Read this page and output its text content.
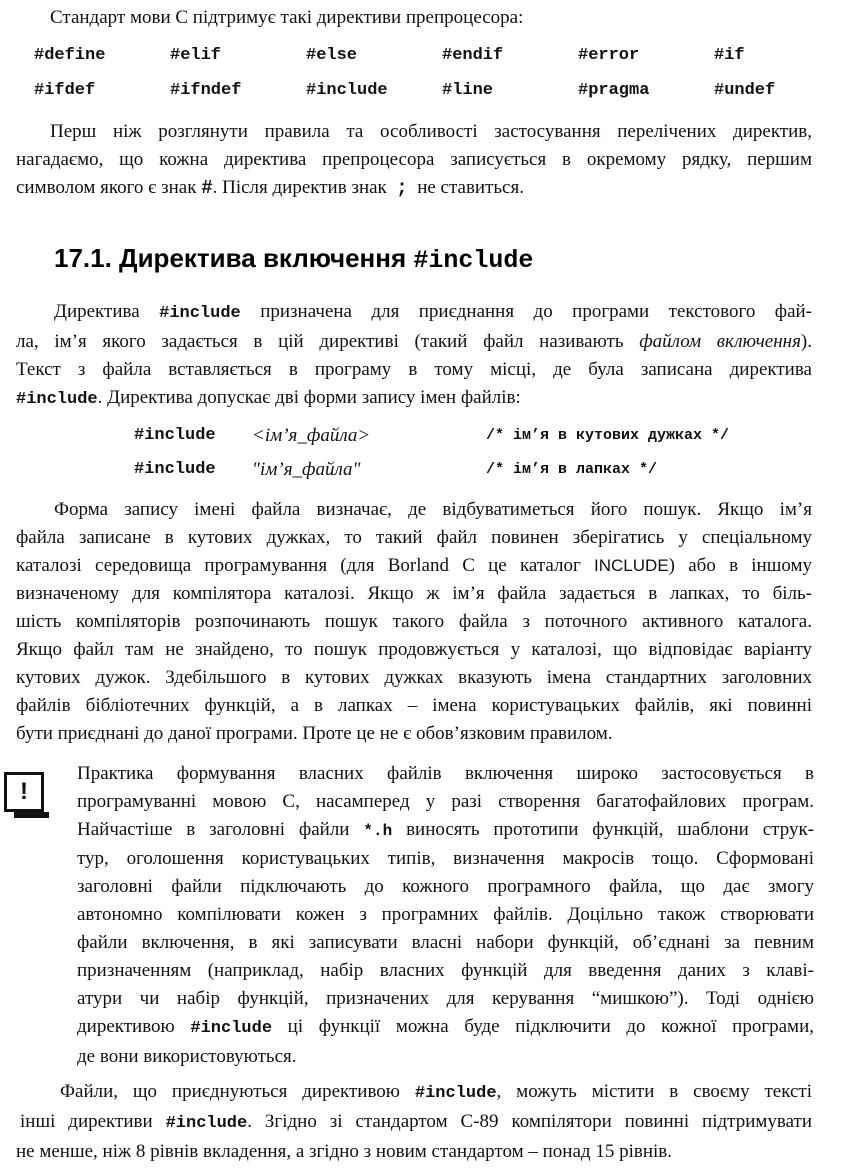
Стандарт мови С підтримує такі директиви препроцесора:
#define	#elif	#else	#endif	#error	#if
#ifdef	#ifndef	#include	#line	#pragma	#undef
Перш ніж розглянути правила та особливості застосування перелічених директив,
нагадаємо, що кожна директива препроцесора записується в окремому рядку, першим
символом якого є знак #. Після директив знак ; не ставиться.
17.1. Директива включення #include
Директива #include призначена для приєднання до програми текстового фай-
ла, ім’я якого задається в цій директиві (такий файл називають файлом включення).
Текст з файла вставляється в програму в тому місці, де була записана директива
#include. Директива допускає дві форми запису імен файлів:
#include <ім’я_файла>	/* ім’я в кутових дужках */
#include "ім’я_файла"	/* ім’я в лапках */
Форма запису імені файла визначає, де відбуватиметься його пошук. Якщо ім’я
файла записане в кутових дужках, то такий файл повинен зберігатись у спеціальному
каталозі середовища програмування (для Borland C це каталог INCLUDE) або в іншому
визначеному для компілятора каталозі. Якщо ж ім’я файла задається в лапках, то біль-
шість компіляторів розпочинають пошук такого файла з поточного активного каталога.
Якщо файл там не знайдено, то пошук продовжується у каталозі, що відповідає варіанту
кутових дужок. Здебільшого в кутових дужках вказують імена стандартних заголовних
файлів бібліотечних функцій, а в лапках – імена користувацьких файлів, які повинні
бути приєднані до даної програми. Проте це не є обов’язковим правилом.
!
Практика формування власних файлів включення широко застосовується в
програмуванні мовою С, насамперед у разі створення багатофайлових програм.
Найчастіше в заголовні файли *.h виносять прототипи функцій, шаблони струк-
тур, оголошення користувацьких типів, визначення макросів тощо. Сформовані
заголовні файли підключають до кожного програмного файла, що дає змогу
автономно компілювати кожен з програмних файлів. Доцільно також створювати
файли включення, в які записувати власні набори функцій, об’єднані за певним
призначенням (наприклад, набір власних функцій для введення даних з клаві-
атури чи набір функцій, призначених для керування “мишкою”). Тоді однією
директивою #include ці функції можна буде підключити до кожної програми,
де вони використовуються.
Файли, що приєднуються директивою #include, можуть містити в своєму тексті
інші директиви #include. Згідно зі стандартом С-89 компілятори повинні підтримувати
не менше, ніж 8 рівнів вкладення, а згідно з новим стандартом – понад 15 рівнів.
